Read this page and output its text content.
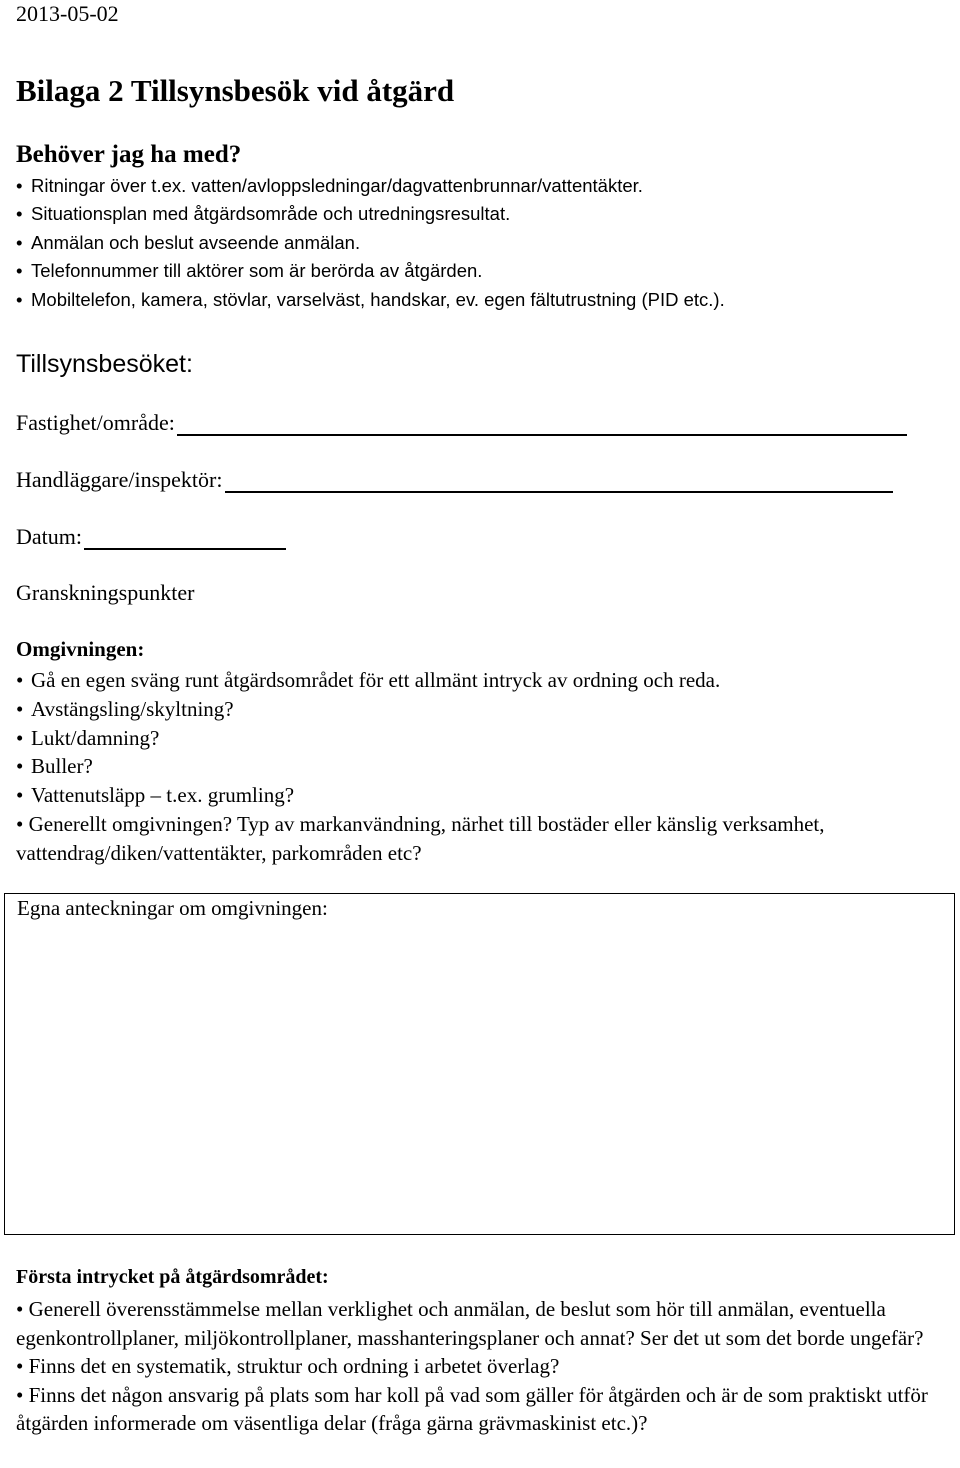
2013-05-02
Bilaga 2 Tillsynsbesök vid åtgärd
Behöver jag ha med?
• Ritningar över t.ex. vatten/avloppsledningar/dagvattenbrunnar/vattentäkter.
• Situationsplan med åtgärdsområde och utredningsresultat.
• Anmälan och beslut avseende anmälan.
• Telefonnummer till aktörer som är berörda av åtgärden.
• Mobiltelefon, kamera, stövlar, varselväst, handskar, ev. egen fältutrustning (PID etc.).
Tillsynsbesöket:
Fastighet/område:
Handläggare/inspektör:
Datum:
Granskningspunkter
Omgivningen:
• Gå en egen sväng runt åtgärdsområdet för ett allmänt intryck av ordning och reda.
• Avstängsling/skyltning?
• Lukt/damning?
• Buller?
• Vattenutsläpp – t.ex. grumling?
• Generellt omgivningen? Typ av markanvändning, närhet till bostäder eller känslig verksamhet, vattendrag/diken/vattentäkter, parkområden etc?
Egna anteckningar om omgivningen:
Första intrycket på åtgärdsområdet:
• Generell överensstämmelse mellan verklighet och anmälan, de beslut som hör till anmälan, eventuella egenkontrollplaner, miljökontrollplaner, masshanteringsplaner och annat? Ser det ut som det borde ungefär?
• Finns det en systematik, struktur och ordning i arbetet överlag?
• Finns det någon ansvarig på plats som har koll på vad som gäller för åtgärden och är de som praktiskt utför åtgärden informerade om väsentliga delar (fråga gärna grävmaskinist etc.)?
